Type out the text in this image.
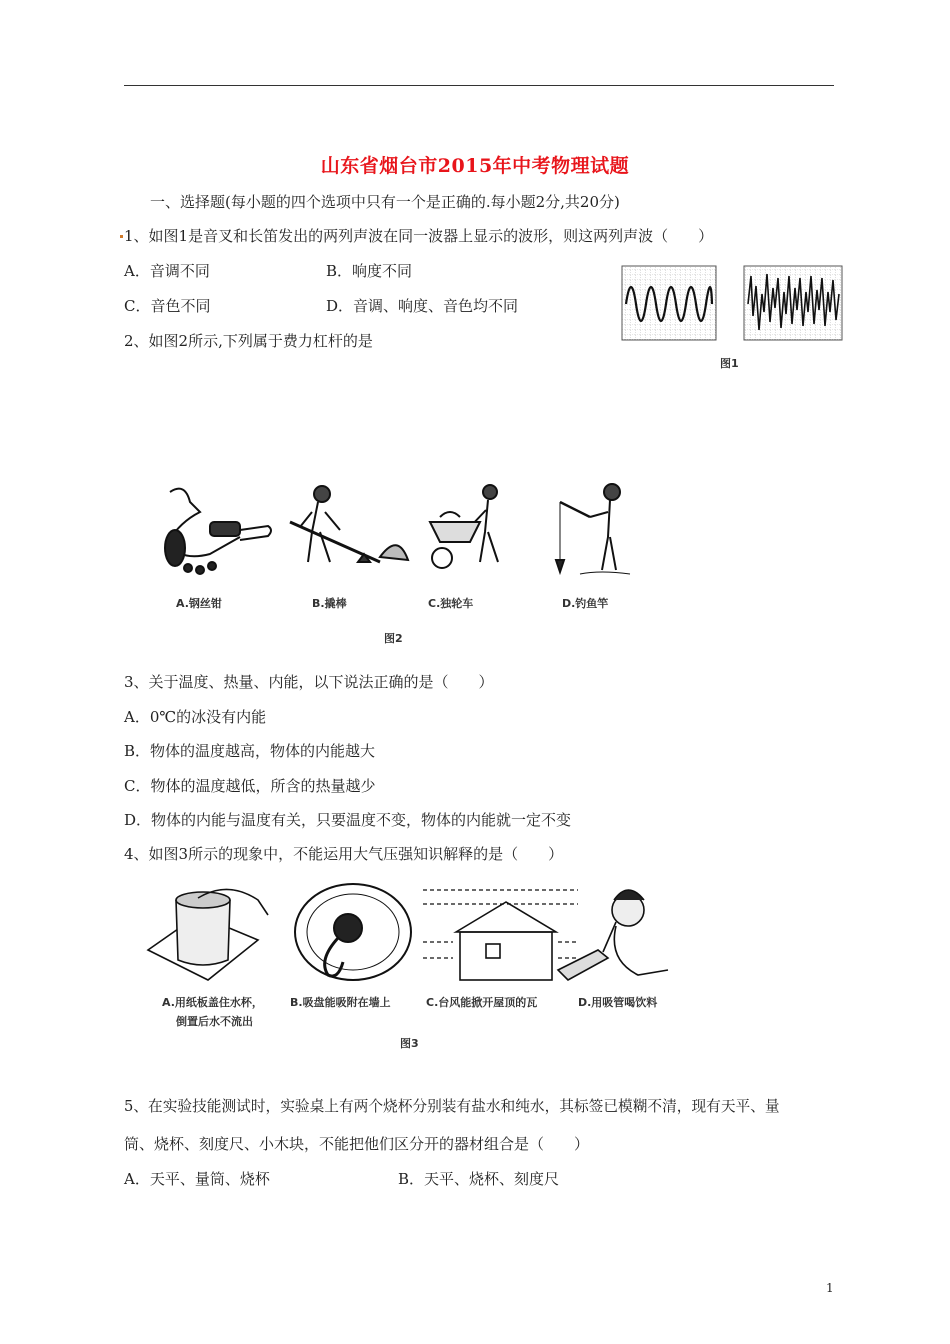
山东省烟台市2015年中考物理试题
一、选择题(每小题的四个选项中只有一个是正确的.每小题2分,共20分)
1、如图1是音叉和长笛发出的两列声波在同一波器上显示的波形，则这两列声波（　　）
A．音调不同	B．响度不同
C．音色不同	D．音调、响度、音色均不同
图1
2、如图2所示,下列属于费力杠杆的是
A.钢丝钳	B.撬棒	C.独轮车	D.钓鱼竿
图2
3、关于温度、热量、内能，以下说法正确的是（　　）
A．0℃的冰没有内能
B．物体的温度越高，物体的内能越大
C．物体的温度越低，所含的热量越少
D．物体的内能与温度有关，只要温度不变，物体的内能就一定不变
4、如图3所示的现象中，不能运用大气压强知识解释的是（　　）
A.用纸板盖住水杯，
倒置后水不流出
B.吸盘能吸附在墙上	C.台风能掀开屋顶的瓦	D.用吸管喝饮料
图3
5、在实验技能测试时，实验桌上有两个烧杯分别装有盐水和纯水，其标签已模糊不清，现有天平、量
筒、烧杯、刻度尺、小木块，不能把他们区分开的器材组合是（　　）
A．天平、量筒、烧杯	B．天平、烧杯、刻度尺
1
